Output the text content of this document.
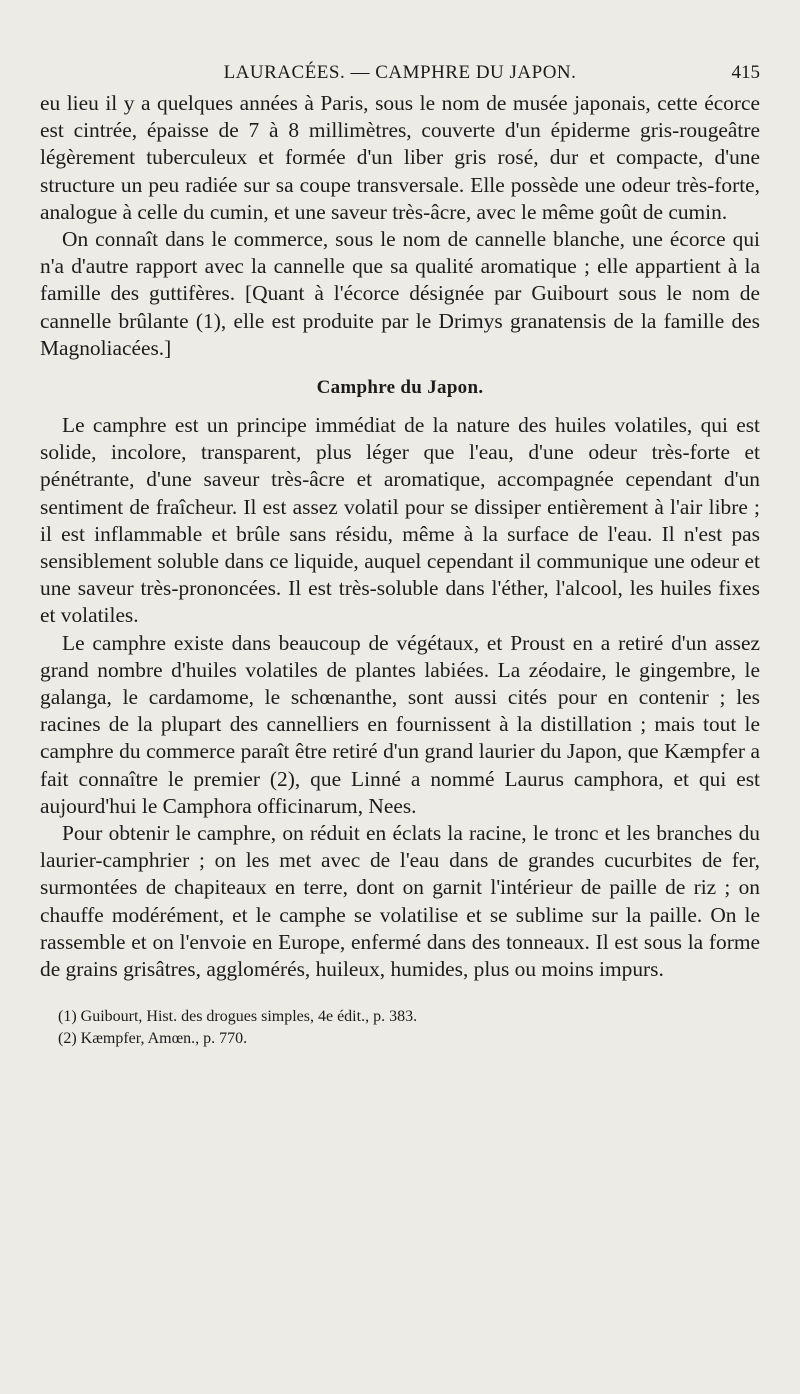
LAURACÉES. — CAMPHRE DU JAPON.	415

eu lieu il y a quelques années à Paris, sous le nom de musée japonais, cette écorce est cintrée, épaisse de 7 à 8 millimètres, couverte d'un épiderme gris-rougeâtre légèrement tuberculeux et formée d'un liber gris rosé, dur et compacte, d'une structure un peu radiée sur sa coupe transversale. Elle possède une odeur très-forte, analogue à celle du cumin, et une saveur très-âcre, avec le même goût de cumin.

On connaît dans le commerce, sous le nom de cannelle blanche, une écorce qui n'a d'autre rapport avec la cannelle que sa qualité aromatique ; elle appartient à la famille des guttifères. [Quant à l'écorce désignée par Guibourt sous le nom de cannelle brûlante (1), elle est produite par le Drimys granatensis de la famille des Magnoliacées.]

Camphre du Japon.

Le camphre est un principe immédiat de la nature des huiles volatiles, qui est solide, incolore, transparent, plus léger que l'eau, d'une odeur très-forte et pénétrante, d'une saveur très-âcre et aromatique, accompagnée cependant d'un sentiment de fraîcheur. Il est assez volatil pour se dissiper entièrement à l'air libre ; il est inflammable et brûle sans résidu, même à la surface de l'eau. Il n'est pas sensiblement soluble dans ce liquide, auquel cependant il communique une odeur et une saveur très-prononcées. Il est très-soluble dans l'éther, l'alcool, les huiles fixes et volatiles.

Le camphre existe dans beaucoup de végétaux, et Proust en a retiré d'un assez grand nombre d'huiles volatiles de plantes labiées. La zéodaire, le gingembre, le galanga, le cardamome, le schœnanthe, sont aussi cités pour en contenir ; les racines de la plupart des cannelliers en fournissent à la distillation ; mais tout le camphre du commerce paraît être retiré d'un grand laurier du Japon, que Kæmpfer a fait connaître le premier (2), que Linné a nommé Laurus camphora, et qui est aujourd'hui le Camphora officinarum, Nees.

Pour obtenir le camphre, on réduit en éclats la racine, le tronc et les branches du laurier-camphrier ; on les met avec de l'eau dans de grandes cucurbites de fer, surmontées de chapiteaux en terre, dont on garnit l'intérieur de paille de riz ; on chauffe modérément, et le camphe se volatilise et se sublime sur la paille. On le rassemble et on l'envoie en Europe, enfermé dans des tonneaux. Il est sous la forme de grains grisâtres, agglomérés, huileux, humides, plus ou moins impurs.

(1) Guibourt, Hist. des drogues simples, 4e édit., p. 383.
(2) Kæmpfer, Amœn., p. 770.
